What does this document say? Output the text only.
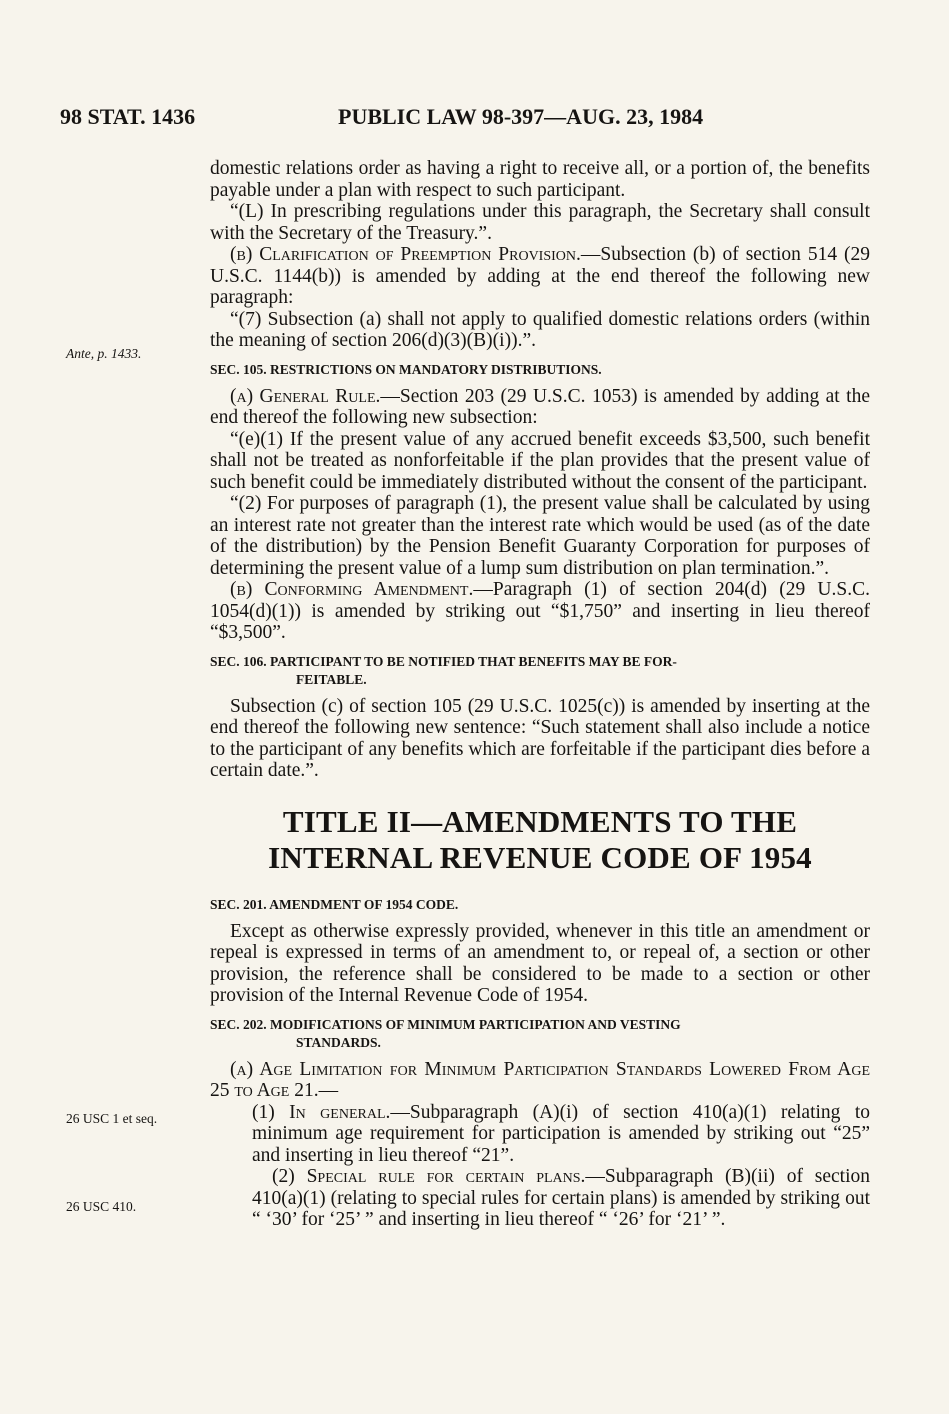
98 STAT. 1436	PUBLIC LAW 98-397—AUG. 23, 1984
Ante, p. 1433.
26 USC 1 et seq.
26 USC 410.

domestic relations order as having a right to receive all, or a portion of, the benefits payable under a plan with respect to such participant.

“(L) In prescribing regulations under this paragraph, the Secretary shall consult with the Secretary of the Treasury.”.

(b) Clarification of Preemption Provision.—Subsection (b) of section 514 (29 U.S.C. 1144(b)) is amended by adding at the end thereof the following new paragraph:

“(7) Subsection (a) shall not apply to qualified domestic relations orders (within the meaning of section 206(d)(3)(B)(i)).”.

SEC. 105. RESTRICTIONS ON MANDATORY DISTRIBUTIONS.

(a) General Rule.—Section 203 (29 U.S.C. 1053) is amended by adding at the end thereof the following new subsection:

“(e)(1) If the present value of any accrued benefit exceeds $3,500, such benefit shall not be treated as nonforfeitable if the plan provides that the present value of such benefit could be immediately distributed without the consent of the participant.

“(2) For purposes of paragraph (1), the present value shall be calculated by using an interest rate not greater than the interest rate which would be used (as of the date of the distribution) by the Pension Benefit Guaranty Corporation for purposes of determining the present value of a lump sum distribution on plan termination.”.

(b) Conforming Amendment.—Paragraph (1) of section 204(d) (29 U.S.C. 1054(d)(1)) is amended by striking out “$1,750” and inserting in lieu thereof “$3,500”.

SEC. 106. PARTICIPANT TO BE NOTIFIED THAT BENEFITS MAY BE FOR-
FEITABLE.

Subsection (c) of section 105 (29 U.S.C. 1025(c)) is amended by inserting at the end thereof the following new sentence: “Such statement shall also include a notice to the participant of any benefits which are forfeitable if the participant dies before a certain date.”.

TITLE II—AMENDMENTS TO THE
INTERNAL REVENUE CODE OF 1954
SEC. 201. AMENDMENT OF 1954 CODE.

Except as otherwise expressly provided, whenever in this title an amendment or repeal is expressed in terms of an amendment to, or repeal of, a section or other provision, the reference shall be considered to be made to a section or other provision of the Internal Revenue Code of 1954.

SEC. 202. MODIFICATIONS OF MINIMUM PARTICIPATION AND VESTING
STANDARDS.

(a) Age Limitation for Minimum Participation Standards Lowered From Age 25 to Age 21.—

(1) In general.—Subparagraph (A)(i) of section 410(a)(1) relating to minimum age requirement for participation is amended by striking out “25” and inserting in lieu thereof “21”.

(2) Special rule for certain plans.—Subparagraph (B)(ii) of section 410(a)(1) (relating to special rules for certain plans) is amended by striking out “ ‘30’ for ‘25’ ” and inserting in lieu thereof “ ‘26’ for ‘21’ ”.
